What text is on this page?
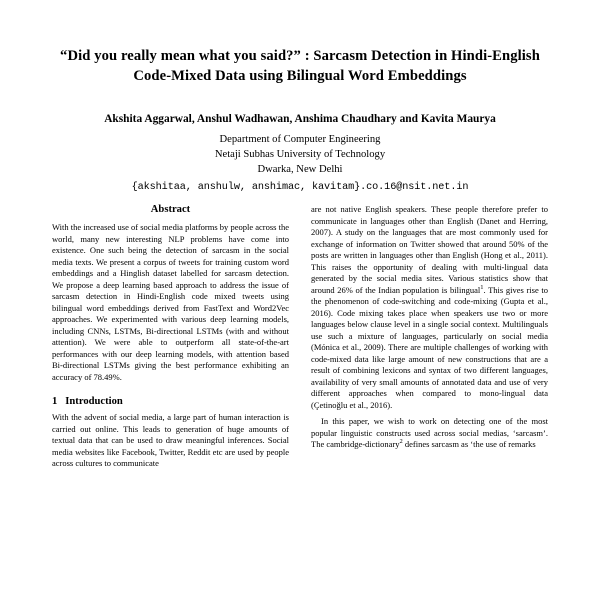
“Did you really mean what you said?” : Sarcasm Detection in Hindi-English Code-Mixed Data using Bilingual Word Embeddings
Akshita Aggarwal, Anshul Wadhawan, Anshima Chaudhary and Kavita Maurya
Department of Computer Engineering
Netaji Subhas University of Technology
Dwarka, New Delhi
{akshitaa, anshulw, anshimac, kavitam}.co.16@nsit.net.in
Abstract

With the increased use of social media platforms by people across the world, many new interesting NLP problems have come into existence. One such being the detection of sarcasm in the social media texts. We present a corpus of tweets for training custom word embeddings and a Hinglish dataset labelled for sarcasm detection. We propose a deep learning based approach to address the issue of sarcasm detection in Hindi-English code mixed tweets using bilingual word embeddings derived from FastText and Word2Vec approaches. We experimented with various deep learning models, including CNNs, LSTMs, Bi-directional LSTMs (with and without attention). We were able to outperform all state-of-the-art performances with our deep learning models, with attention based Bi-directional LSTMs giving the best performance exhibiting an accuracy of 78.49%.

1 Introduction

With the advent of social media, a large part of human interaction is carried out online. This leads to generation of huge amounts of textual data that can be used to draw meaningful inferences. Social media websites like Facebook, Twitter, Reddit etc are used by people across cultures to communicate

are not native English speakers. These people therefore prefer to communicate in languages other than English (Danet and Herring, 2007). A study on the languages that are most commonly used for exchange of information on Twitter showed that around 50% of the posts are written in languages other than English (Hong et al., 2011). This raises the opportunity of dealing with multi-lingual data generated by the social media sites. Various statistics show that around 26% of the Indian population is bilingual$^1$. This gives rise to the phenomenon of code-switching and code-mixing (Gupta et al., 2016). Code mixing takes place when speakers use two or more languages below clause level in a single social context. Multilinguals use such a mixture of languages, particularly on social media (Mónica et al., 2009). There are multiple challenges of working with code-mixed data like large amount of new constructions that are a result of combining lexicons and syntax of two different languages, availability of very small amounts of annotated data and use of very different approaches when compared to mono-lingual data (Çetinoğlu et al., 2016).

In this paper, we wish to work on detecting one of the most popular linguistic constructs used across social medias, ‘sarcasm’. The cambridge-dictionary$^2$ defines sarcasm as ‘the use of remarks
